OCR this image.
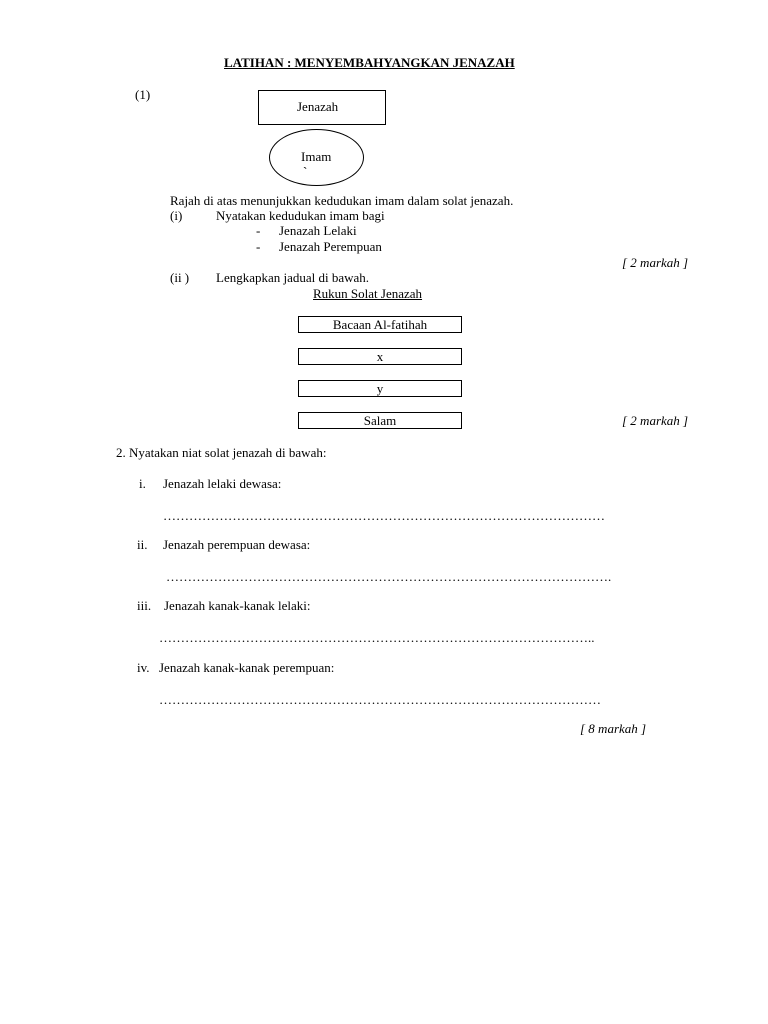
LATIHAN : MENYEMBAHYANGKAN JENAZAH
(1)
Jenazah
Imam
`
Rajah di atas menunjukkan kedudukan imam dalam solat jenazah.
(i)	Nyatakan kedudukan imam bagi
- Jenazah Lelaki
- Jenazah Perempuan
[ 2 markah ]
(ii ) Lengkapkan jadual di bawah.
Rukun Solat Jenazah
Bacaan Al-fatihah
x
y
Salam	[ 2 markah ]
2. Nyatakan niat solat jenazah di bawah:
i. Jenazah lelaki dewasa:
…………………………………………………………………………………………
ii. Jenazah perempuan dewasa:
………………………………………………………………………………………….
iii. Jenazah kanak-kanak lelaki:
………………………………………………………………………………………..
iv. Jenazah kanak-kanak perempuan:
…………………………………………………………………………………………
[ 8 markah ]
